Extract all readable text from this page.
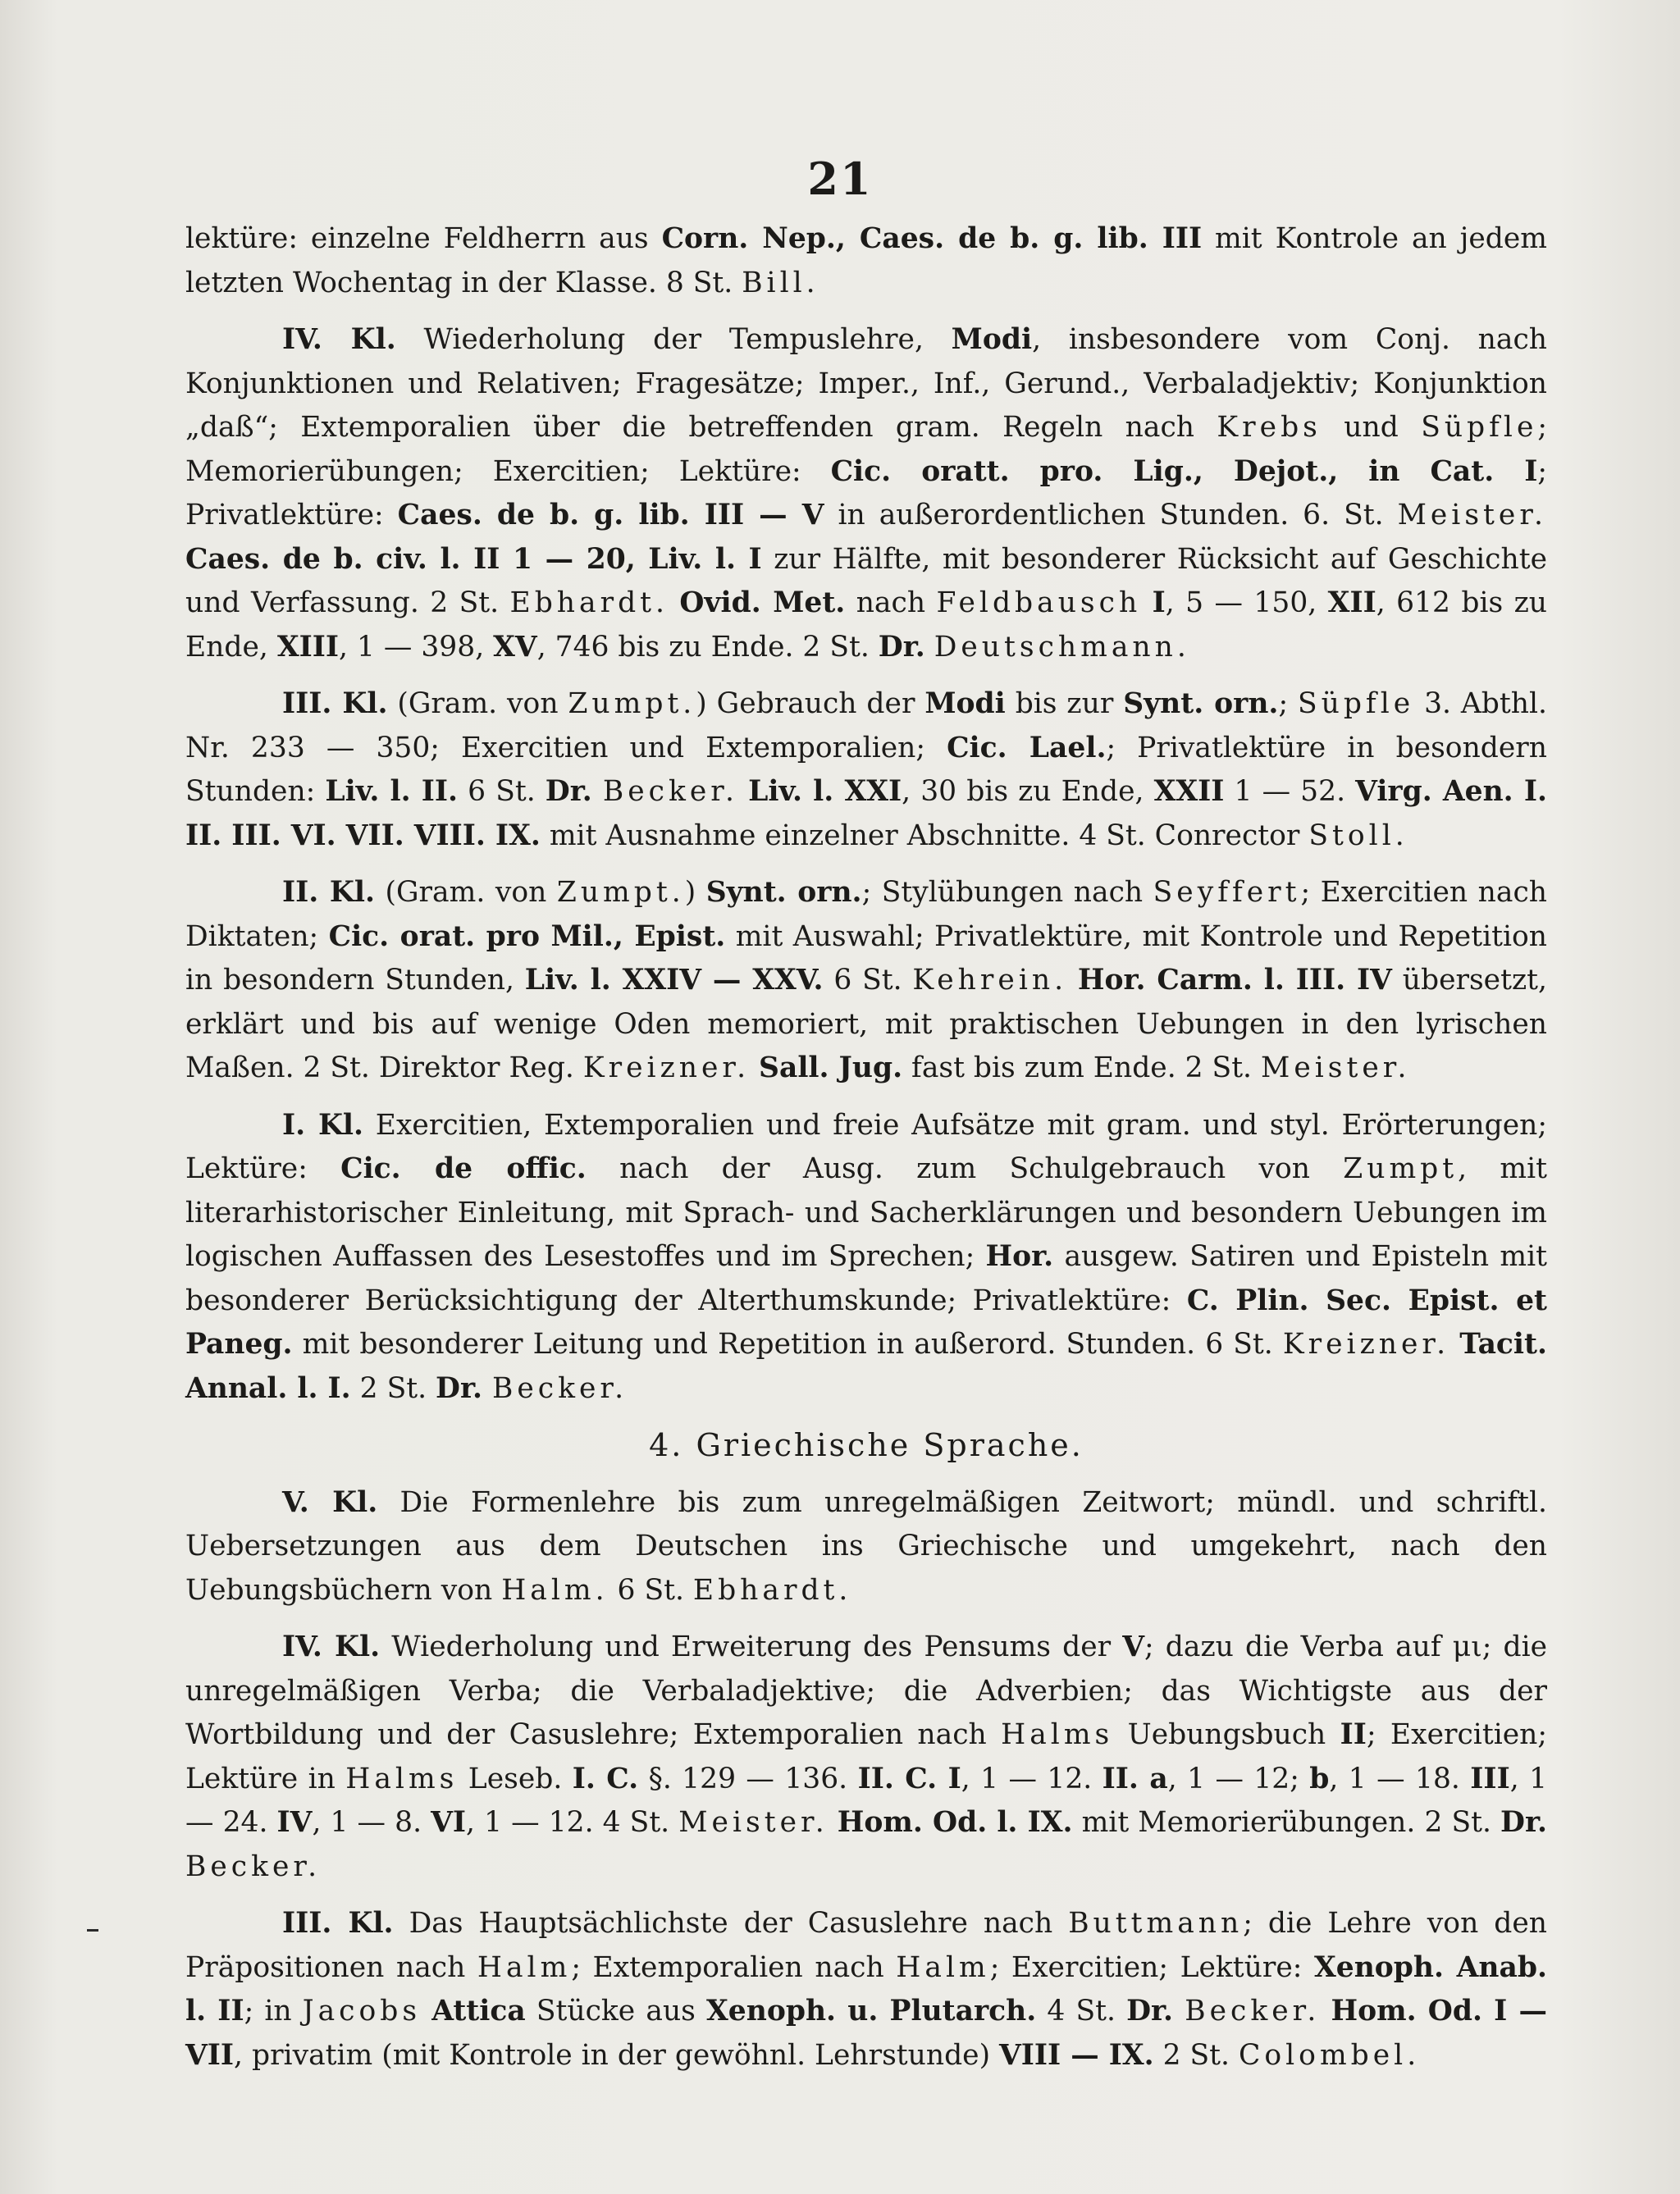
21

lektüre: einzelne Feldherrn aus Corn. Nep., Caes. de b. g. lib. III mit Kontrole an jedem letzten Wochentag in der Klasse. 8 St. Bill.

IV. Kl. Wiederholung der Tempuslehre, Modi, insbesondere vom Conj. nach Konjunktionen und Relativen; Fragesätze; Imper., Inf., Gerund., Verbaladjektiv; Konjunktion „daß“; Extemporalien über die betreffenden gram. Regeln nach Krebs und Süpfle; Memorierübungen; Exercitien; Lektüre: Cic. oratt. pro. Lig., Dejot., in Cat. I; Privatlektüre: Caes. de b. g. lib. III — V in außerordentlichen Stunden. 6. St. Meister. Caes. de b. civ. l. II 1 — 20, Liv. l. I zur Hälfte, mit besonderer Rücksicht auf Geschichte und Verfassung. 2 St. Ebhardt. Ovid. Met. nach Feldbausch I, 5 — 150, XII, 612 bis zu Ende, XIII, 1 — 398, XV, 746 bis zu Ende. 2 St. Dr. Deutschmann.

III. Kl. (Gram. von Zumpt.) Gebrauch der Modi bis zur Synt. orn.; Süpfle 3. Abthl. Nr. 233 — 350; Exercitien und Extemporalien; Cic. Lael.; Privatlektüre in besondern Stunden: Liv. l. II. 6 St. Dr. Becker. Liv. l. XXI, 30 bis zu Ende, XXII 1 — 52. Virg. Aen. I. II. III. VI. VII. VIII. IX. mit Ausnahme einzelner Abschnitte. 4 St. Conrector Stoll.

II. Kl. (Gram. von Zumpt.) Synt. orn.; Stylübungen nach Seyffert; Exercitien nach Diktaten; Cic. orat. pro Mil., Epist. mit Auswahl; Privatlektüre, mit Kontrole und Repetition in besondern Stunden, Liv. l. XXIV — XXV. 6 St. Kehrein. Hor. Carm. l. III. IV übersetzt, erklärt und bis auf wenige Oden memoriert, mit praktischen Uebungen in den lyrischen Maßen. 2 St. Direktor Reg. Kreizner. Sall. Jug. fast bis zum Ende. 2 St. Meister.

I. Kl. Exercitien, Extemporalien und freie Aufsätze mit gram. und styl. Erörterungen; Lektüre: Cic. de offic. nach der Ausg. zum Schulgebrauch von Zumpt, mit literarhistorischer Einleitung, mit Sprach- und Sacherklärungen und besondern Uebungen im logischen Auffassen des Lesestoffes und im Sprechen; Hor. ausgew. Satiren und Episteln mit besonderer Berücksichtigung der Alterthumskunde; Privatlektüre: C. Plin. Sec. Epist. et Paneg. mit besonderer Leitung und Repetition in außerord. Stunden. 6 St. Kreizner. Tacit. Annal. l. I. 2 St. Dr. Becker.

4. Griechische Sprache.

V. Kl. Die Formenlehre bis zum unregelmäßigen Zeitwort; mündl. und schriftl. Uebersetzungen aus dem Deutschen ins Griechische und umgekehrt, nach den Uebungsbüchern von Halm. 6 St. Ebhardt.

IV. Kl. Wiederholung und Erweiterung des Pensums der V; dazu die Verba auf μι; die unregelmäßigen Verba; die Verbaladjektive; die Adverbien; das Wichtigste aus der Wortbildung und der Casuslehre; Extemporalien nach Halms Uebungsbuch II; Exercitien; Lektüre in Halms Leseb. I. C. §. 129 — 136. II. C. I, 1 — 12. II. a, 1 — 12; b, 1 — 18. III, 1 — 24. IV, 1 — 8. VI, 1 — 12. 4 St. Meister. Hom. Od. l. IX. mit Memorierübungen. 2 St. Dr. Becker.

III. Kl. Das Hauptsächlichste der Casuslehre nach Buttmann; die Lehre von den Präpositionen nach Halm; Extemporalien nach Halm; Exercitien; Lektüre: Xenoph. Anab. l. II; in Jacobs Attica Stücke aus Xenoph. u. Plutarch. 4 St. Dr. Becker. Hom. Od. I — VII, privatim (mit Kontrole in der gewöhnl. Lehrstunde) VIII — IX. 2 St. Colombel.
